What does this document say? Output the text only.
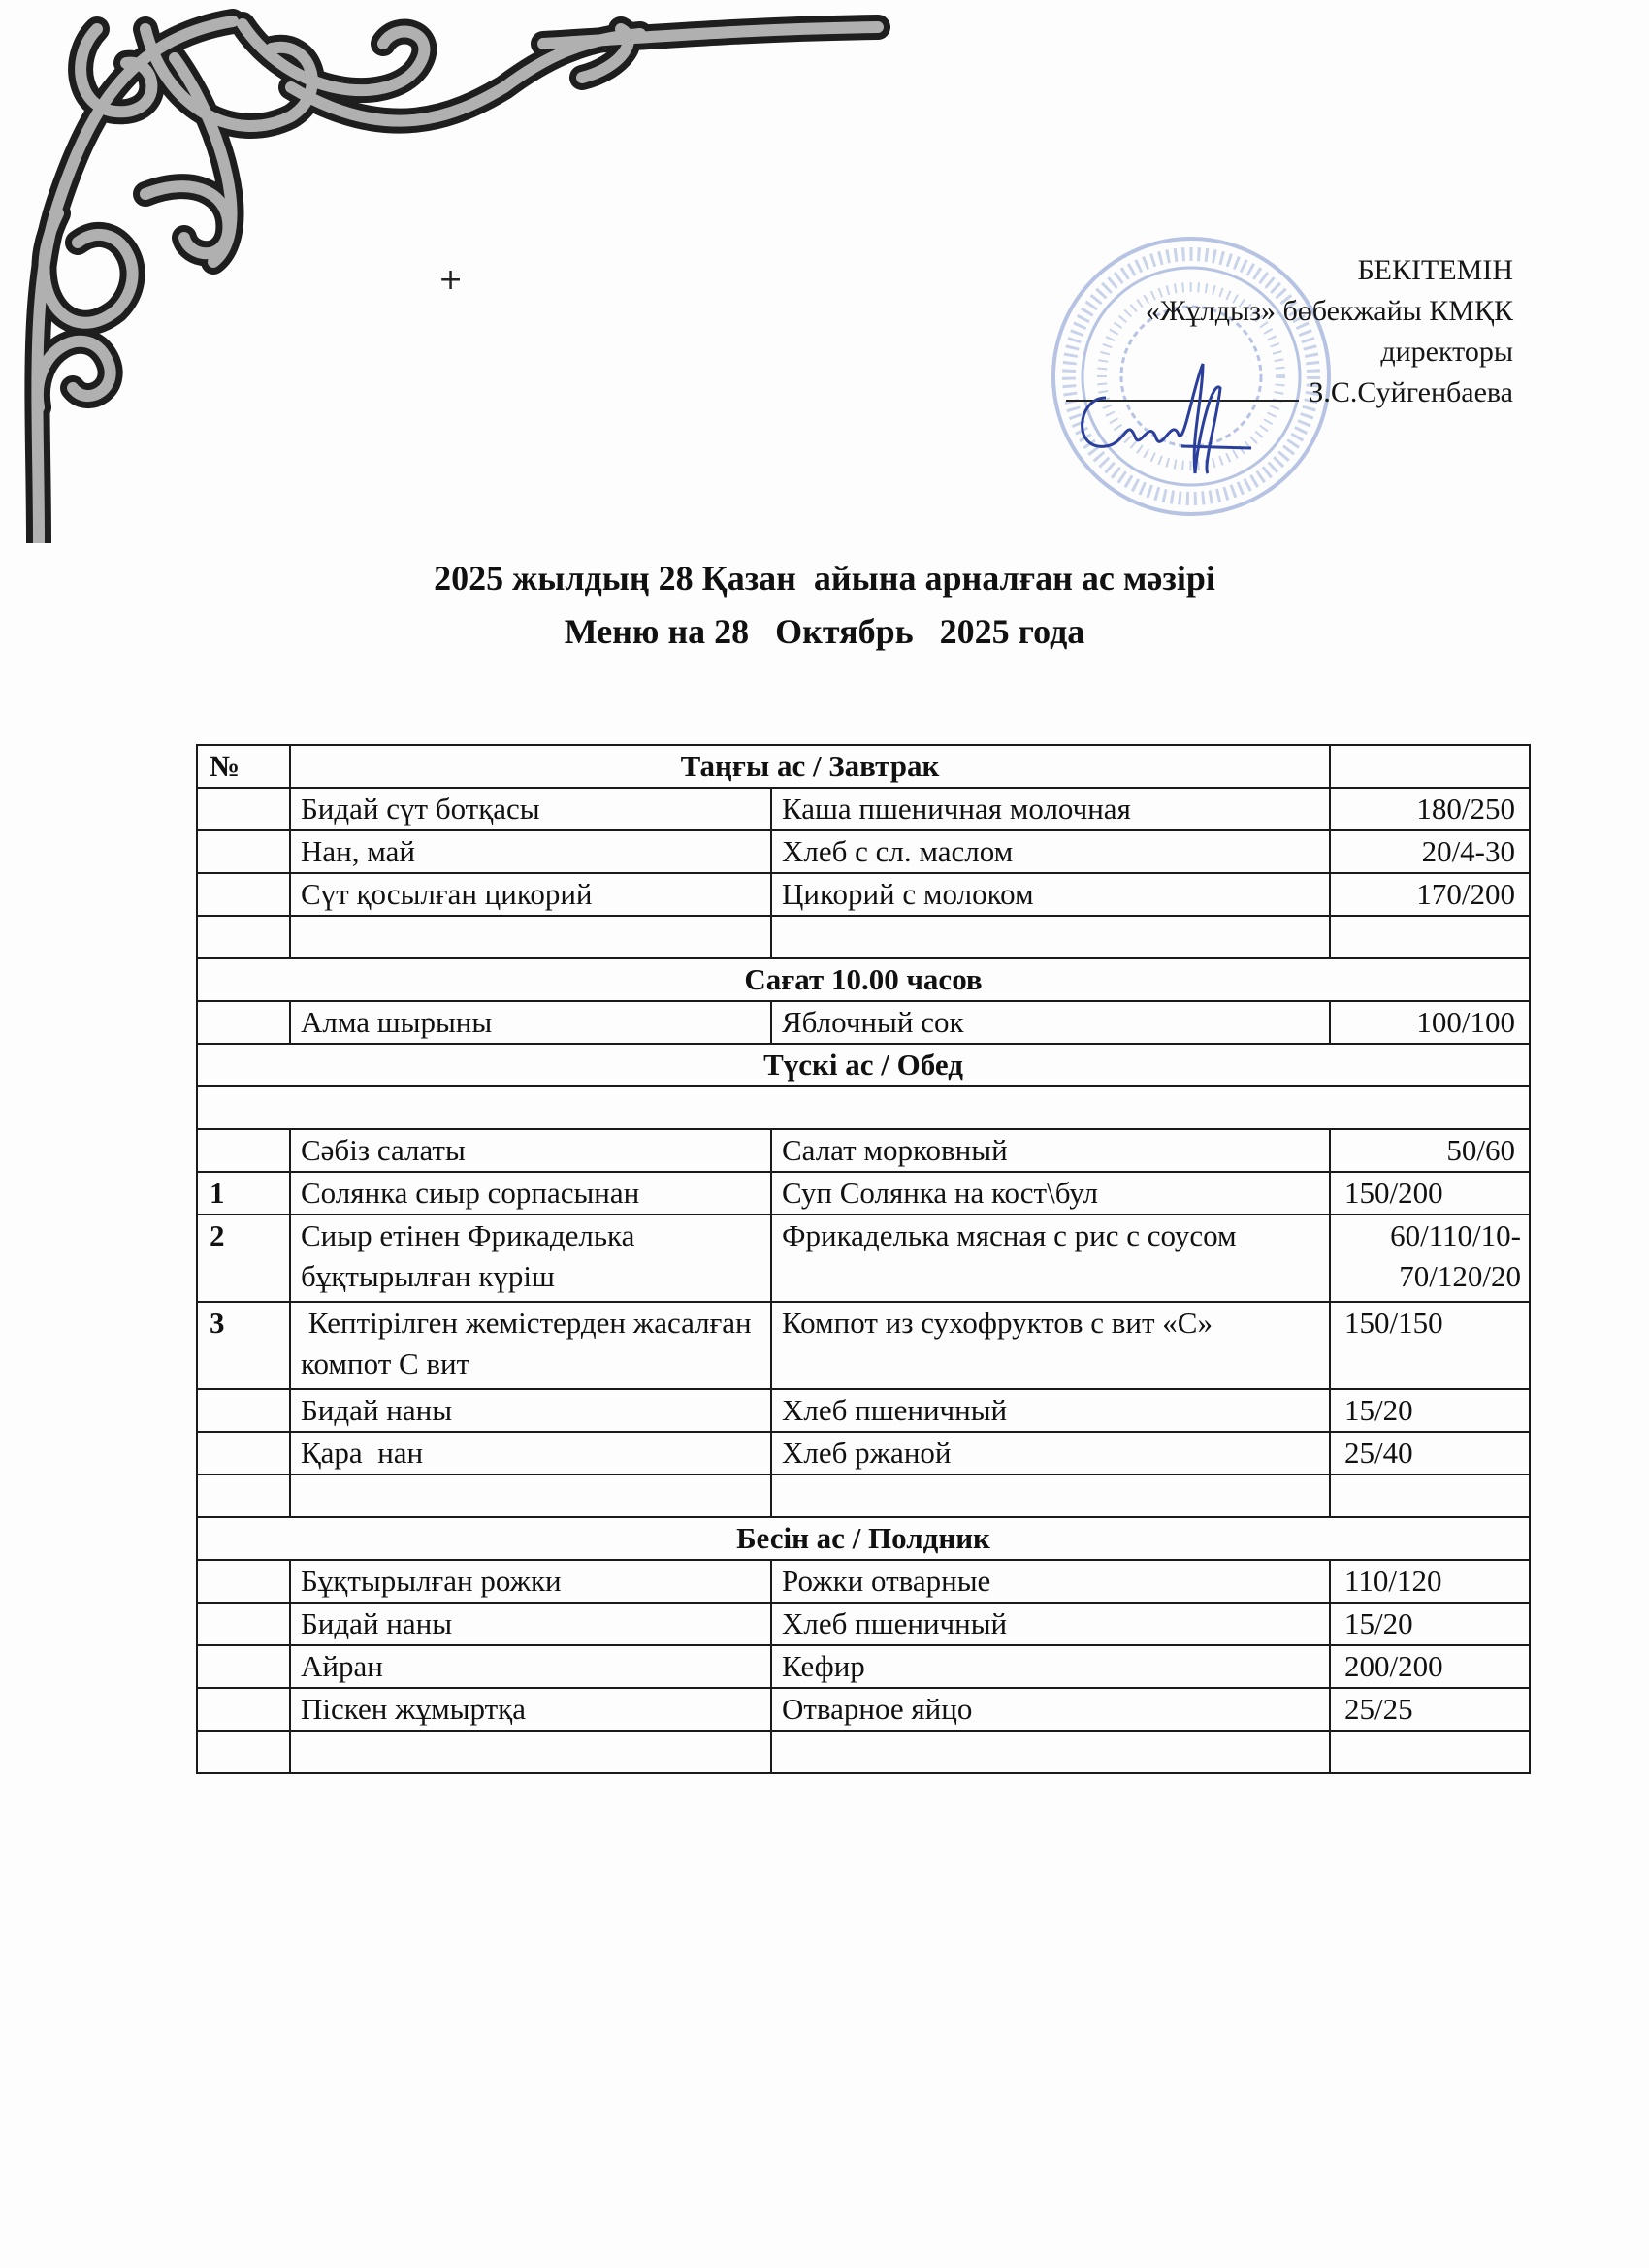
+	БЕКІТЕМІН
«Жұлдыз» бөбекжайы КМҚК
директоры
З.С.Суйгенбаева
2025 жылдың 28 Қазан  айына арналған ас мәзірі
Меню на 28   Октябрь   2025 года
№	Таңғы ас / Завтрак		
	Бидай сүт ботқасы	Каша пшеничная молочная	180/250
	Нан, май	Хлеб с сл. маслом	20/4-30
	Сүт қосылған цикорий	Цикорий с молоком	170/200

Сағат 10.00 часов			
	Алма шырыны	Яблочный сок	100/100
Түскі ас / Обед			

	Сәбіз салаты	Салат морковный	50/60
1	Солянка сиыр сорпасынан	Суп Солянка на кост\бул	150/200
2	Сиыр етінен Фрикаделька бұқтырылған күріш	Фрикаделька мясная с рис с соусом	60/110/10-70/120/20
3	Кептірілген жемістерден жасалған компот С вит	Компот из сухофруктов с вит «С»	150/150
	Бидай наны	Хлеб пшеничный	15/20
	Қара  нан	Хлеб ржаной	25/40

Бесін ас / Полдник			
	Бұқтырылған рожки	Рожки отварные	110/120
	Бидай наны	Хлеб пшеничный	15/20
	Айран	Кефир	200/200
	Піскен жұмыртқа	Отварное яйцо	25/25
